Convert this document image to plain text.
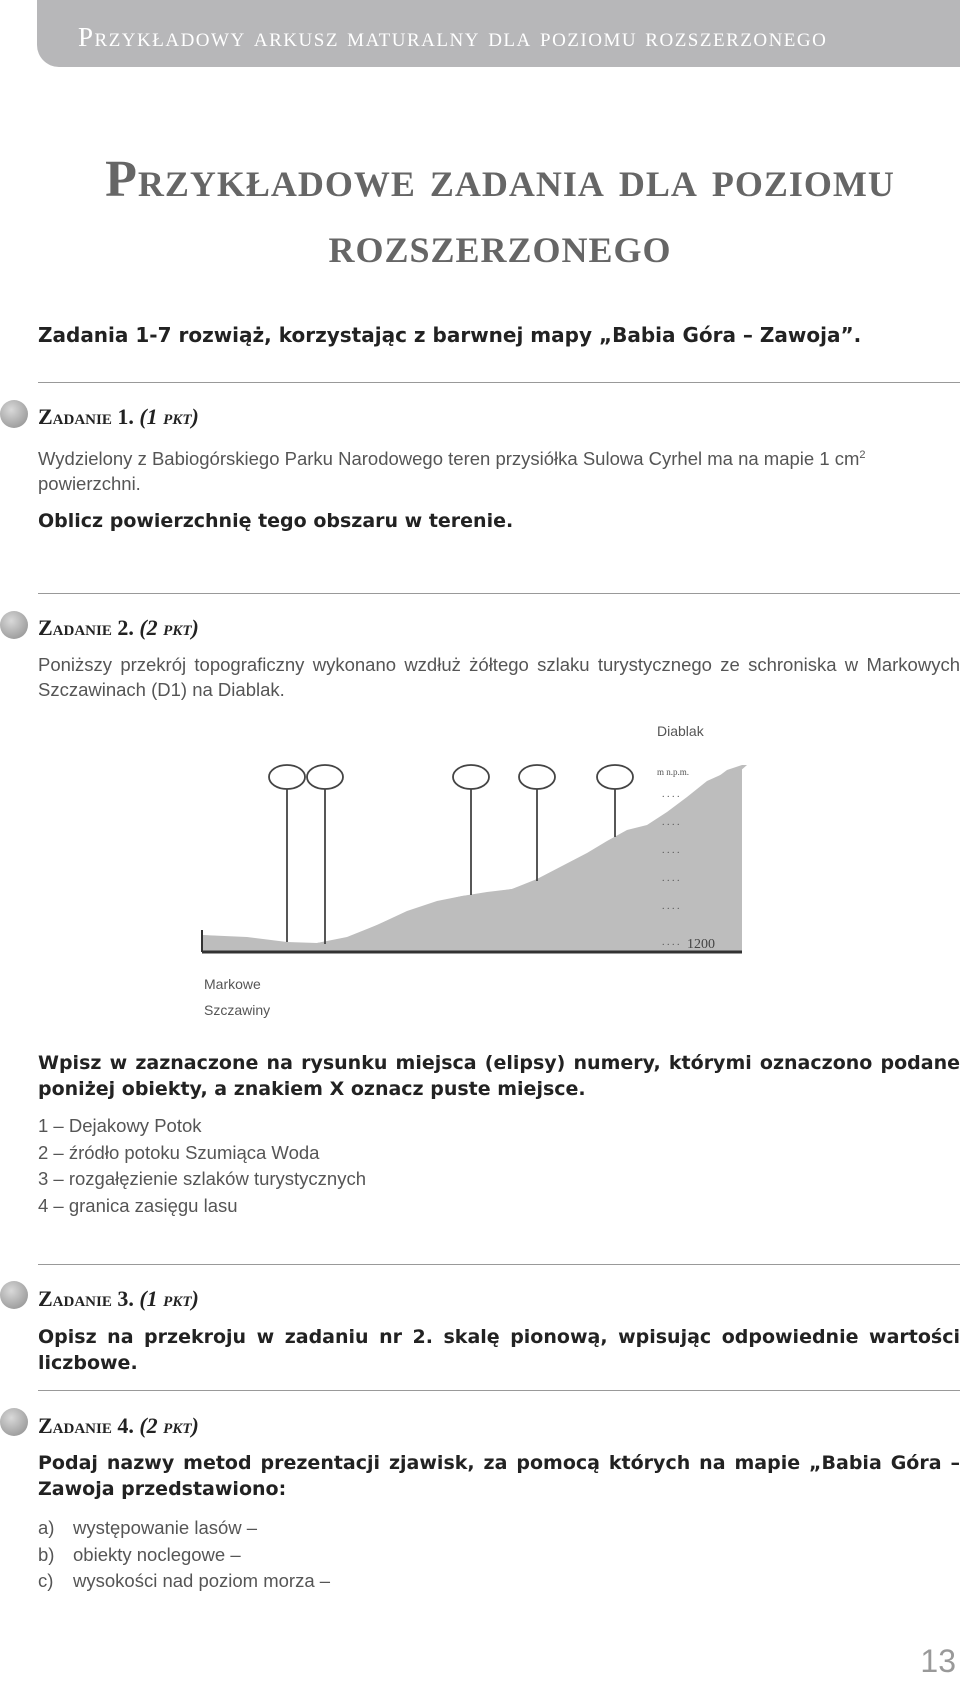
Przykładowy arkusz maturalny dla poziomu rozszerzonego
Przykładowe zadania dla poziomu
rozszerzonego
Zadania 1-7 rozwiąż, korzystając z barwnej mapy „Babia Góra – Zawoja”.
Zadanie 1. (1 pkt)
Wydzielony z Babiogórskiego Parku Narodowego teren przysiółka Sulowa Cyrhel ma na mapie 1 $cm^2$
powierzchni.
Oblicz powierzchnię tego obszaru w terenie.
Zadanie 2. (2 pkt)
Poniższy przekrój topograficzny wykonano wzdłuż żółtego szlaku turystycznego ze schroniska w Markowych Szczawinach (D1) na Diablak.
Diablak
m n.p.m.
. . . .
. . . .
. . . .
. . . .
. . . .
. . . . 1200
Markowe
Szczawiny
Wpisz w zaznaczone na rysunku miejsca (elipsy) numery, którymi oznaczono podane poniżej obiekty, a znakiem X oznacz puste miejsce.
1 – Dejakowy Potok
2 – źródło potoku Szumiąca Woda
3 – rozgałęzienie szlaków turystycznych
4 – granica zasięgu lasu
Zadanie 3. (1 pkt)
Opisz na przekroju w zadaniu nr 2. skalę pionową, wpisując odpowiednie wartości liczbowe.
Zadanie 4. (2 pkt)
Podaj nazwy metod prezentacji zjawisk, za pomocą których na mapie „Babia Góra –Zawoja przedstawiono:
a) występowanie lasów –
b) obiekty noclegowe –
c) wysokości nad poziom morza –
13
